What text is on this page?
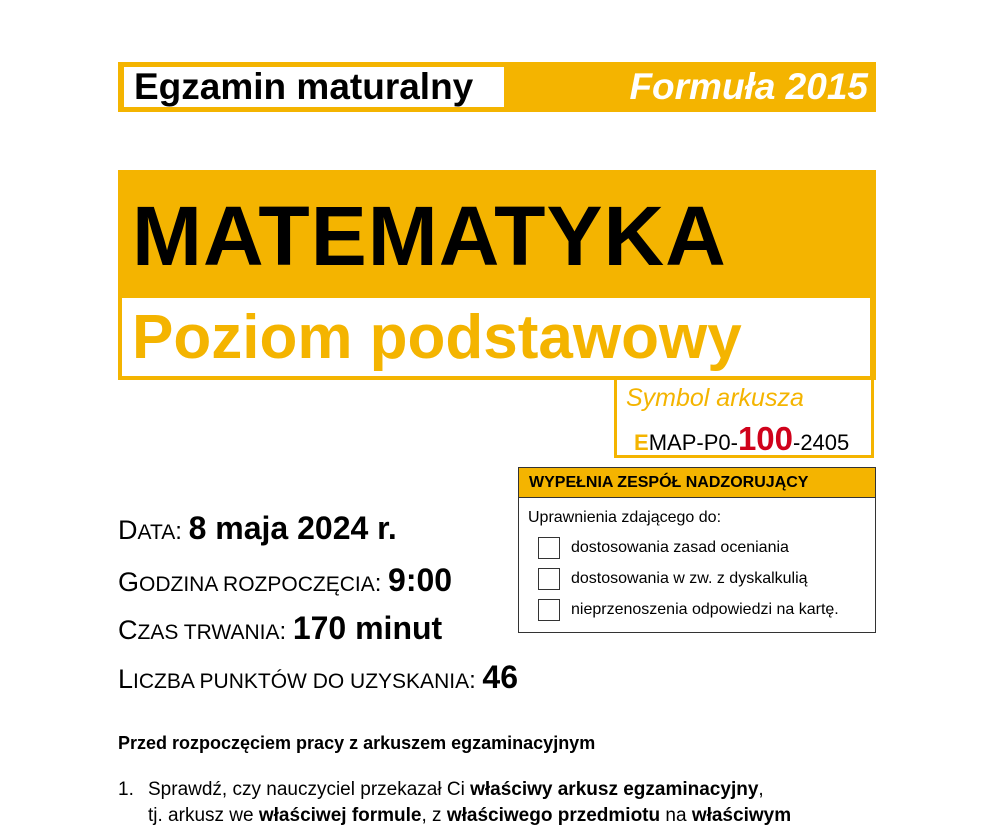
Egzamin maturalny	Formuła 2015
MATEMATYKA
Poziom podstawowy
Symbol arkusza
EMAP-P0-100-2405
DATA: 8 maja 2024 r.
GODZINA ROZPOCZĘCIA: 9:00
CZAS TRWANIA: 170 minut
LICZBA PUNKTÓW DO UZYSKANIA: 46
WYPEŁNIA ZESPÓŁ NADZORUJĄCY
Uprawnienia zdającego do:
dostosowania zasad oceniania
dostosowania w zw. z dyskalkulią
nieprzenoszenia odpowiedzi na kartę.
Przed rozpoczęciem pracy z arkuszem egzaminacyjnym
1. Sprawdź, czy nauczyciel przekazał Ci właściwy arkusz egzaminacyjny,
tj. arkusz we właściwej formule, z właściwego przedmiotu na właściwym
